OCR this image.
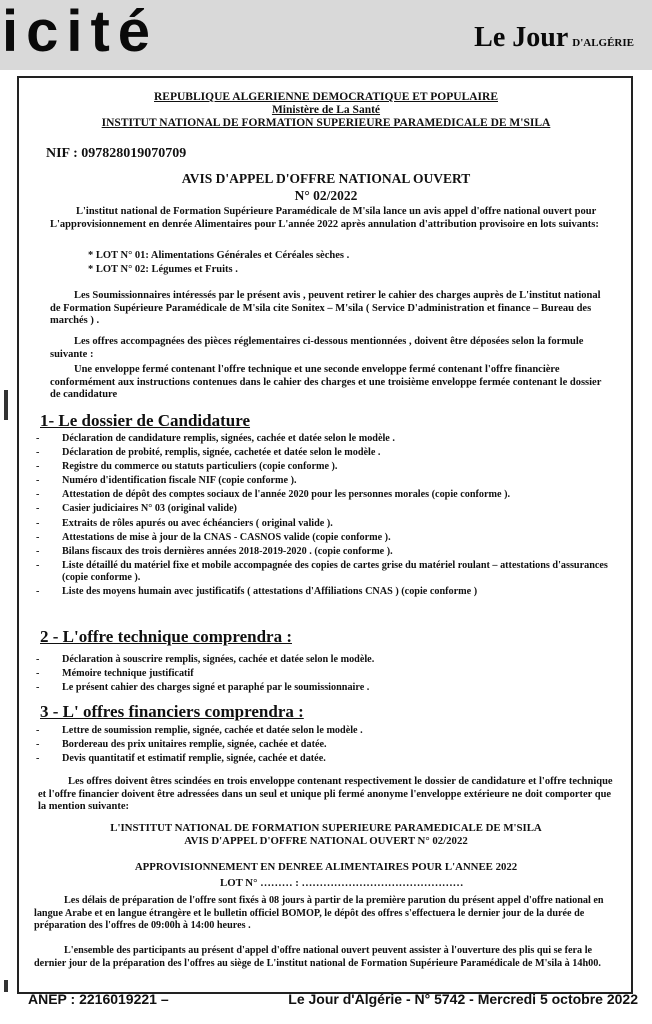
icité	Le Jour D'ALGÉRIE
REPUBLIQUE ALGERIENNE DEMOCRATIQUE ET POPULAIRE
Ministère de La Santé
INSTITUT NATIONAL DE FORMATION SUPERIEURE PARAMEDICALE DE M'SILA
NIF : 097828019070709
AVIS D'APPEL D'OFFRE NATIONAL OUVERT
N° 02/2022
L'institut national de Formation Supérieure Paramédicale de M'sila lance un avis appel d'offre national ouvert pour L'approvisionnement en denrée Alimentaires pour L'année 2022 après annulation d'attribution provisoire en lots suivants:
* LOT N° 01: Alimentations Générales et Céréales sèches .
* LOT N° 02: Légumes et Fruits .
Les Soumissionnaires intéressés par le présent avis , peuvent retirer le cahier des charges auprès de L'institut national de Formation Supérieure Paramédicale de M'sila cite Sonitex – M'sila ( Service D'administration et finance – Bureau des marchés ) .
Les offres accompagnées des pièces réglementaires ci-dessous mentionnées , doivent être déposées selon la formule suivante :
Une enveloppe fermé contenant l'offre technique et une seconde enveloppe fermé contenant l'offre financière conformément aux instructions contenues dans le cahier des charges et une troisième enveloppe fermée contenant le dossier de candidature
1- Le dossier de Candidature
-	Déclaration de candidature remplis, signées, cachée et datée selon le modèle .
-	Déclaration de probité, remplis, signée, cachetée et datée selon le modèle .
-	Registre du commerce ou statuts particuliers (copie conforme ).
-	Numéro d'identification fiscale NIF (copie conforme ).
-	Attestation de dépôt des comptes sociaux de l'année 2020 pour les personnes morales (copie conforme ).
-	Casier judiciaires N° 03 (original valide)
-	Extraits de rôles apurés ou avec échéanciers ( original valide ).
-	Attestations de mise à jour de la CNAS - CASNOS valide (copie conforme ).
-	Bilans fiscaux des trois dernières années 2018-2019-2020 . (copie conforme ).
-	Liste détaillé du matériel fixe et mobile accompagnée des copies de cartes grise du matériel roulant – attestations d'assurances (copie conforme ).
-	Liste des moyens humain avec justificatifs ( attestations d'Affiliations CNAS ) (copie conforme )
2 - L'offre technique comprendra :
-	Déclaration à souscrire remplis, signées, cachée et datée selon le modèle.
-	Mémoire technique justificatif
-	Le présent cahier des charges signé et paraphé par le soumissionnaire .
3 - L' offres financiers comprendra :
-	Lettre de soumission remplie, signée, cachée et datée selon le modèle .
-	Bordereau des prix unitaires remplie, signée, cachée et datée.
-	Devis quantitatif et estimatif remplie, signée, cachée et datée.
Les offres doivent êtres scindées en trois enveloppe contenant respectivement le dossier de candidature et l'offre technique et l'offre financier doivent être adressées dans un seul et unique pli fermé anonyme l'enveloppe extérieure ne doit comporter que la mention suivante:
L'INSTITUT NATIONAL DE FORMATION SUPERIEURE PARAMEDICALE DE M'SILA
AVIS D'APPEL D'OFFRE NATIONAL OUVERT N° 02/2022
APPROVISIONNEMENT EN DENREE ALIMENTAIRES POUR L'ANNEE 2022
LOT N° ……… : ………………………………………
Les délais de préparation de l'offre sont fixés à 08 jours à partir de la première parution du présent appel d'offre national en langue Arabe et en langue étrangère et le bulletin officiel BOMOP, le dépôt des offres s'effectuera le dernier jour de la durée de préparation des l'offres de 09:00h à 14:00 heures .
L'ensemble des participants au présent d'appel d'offre national ouvert peuvent assister à l'ouverture des plis qui se fera le dernier jour de la préparation des l'offres au siège de L'institut national de Formation Supérieure Paramédicale de M'sila à 14h00.
ANEP : 2216019221 –	Le Jour d'Algérie - N° 5742 - Mercredi 5 octobre 2022
